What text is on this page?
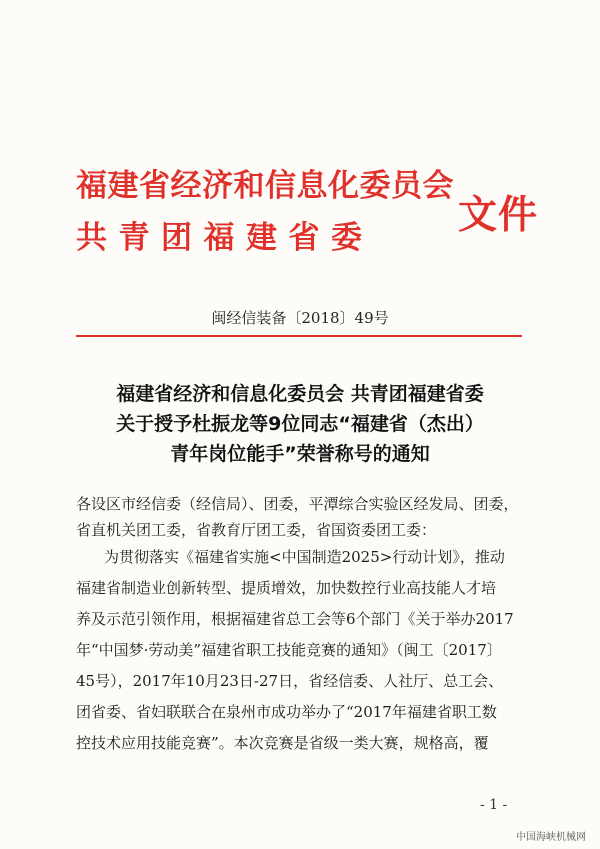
福建省经济和信息化委员会
共青团福建省委 文件
闽经信装备〔2018〕49号
福建省经济和信息化委员会 共青团福建省委
关于授予杜振龙等9位同志“福建省（杰出）
青年岗位能手”荣誉称号的通知
各设区市经信委（经信局）、团委，平潭综合实验区经发局、团委，省直机关团工委，省教育厅团工委，省国资委团工委：
为贯彻落实《福建省实施<中国制造2025>行动计划》，推动
福建省制造业创新转型、提质增效，加快数控行业高技能人才培
养及示范引领作用，根据福建省总工会等6个部门《关于举办2017
年“中国梦·劳动美”福建省职工技能竞赛的通知》（闽工〔2017〕
45号），2017年10月23日-27日，省经信委、人社厅、总工会、
团省委、省妇联联合在泉州市成功举办了“2017年福建省职工数
控技术应用技能竞赛”。本次竞赛是省级一类大赛，规格高，覆
- 1 -
中国海峡机械网
